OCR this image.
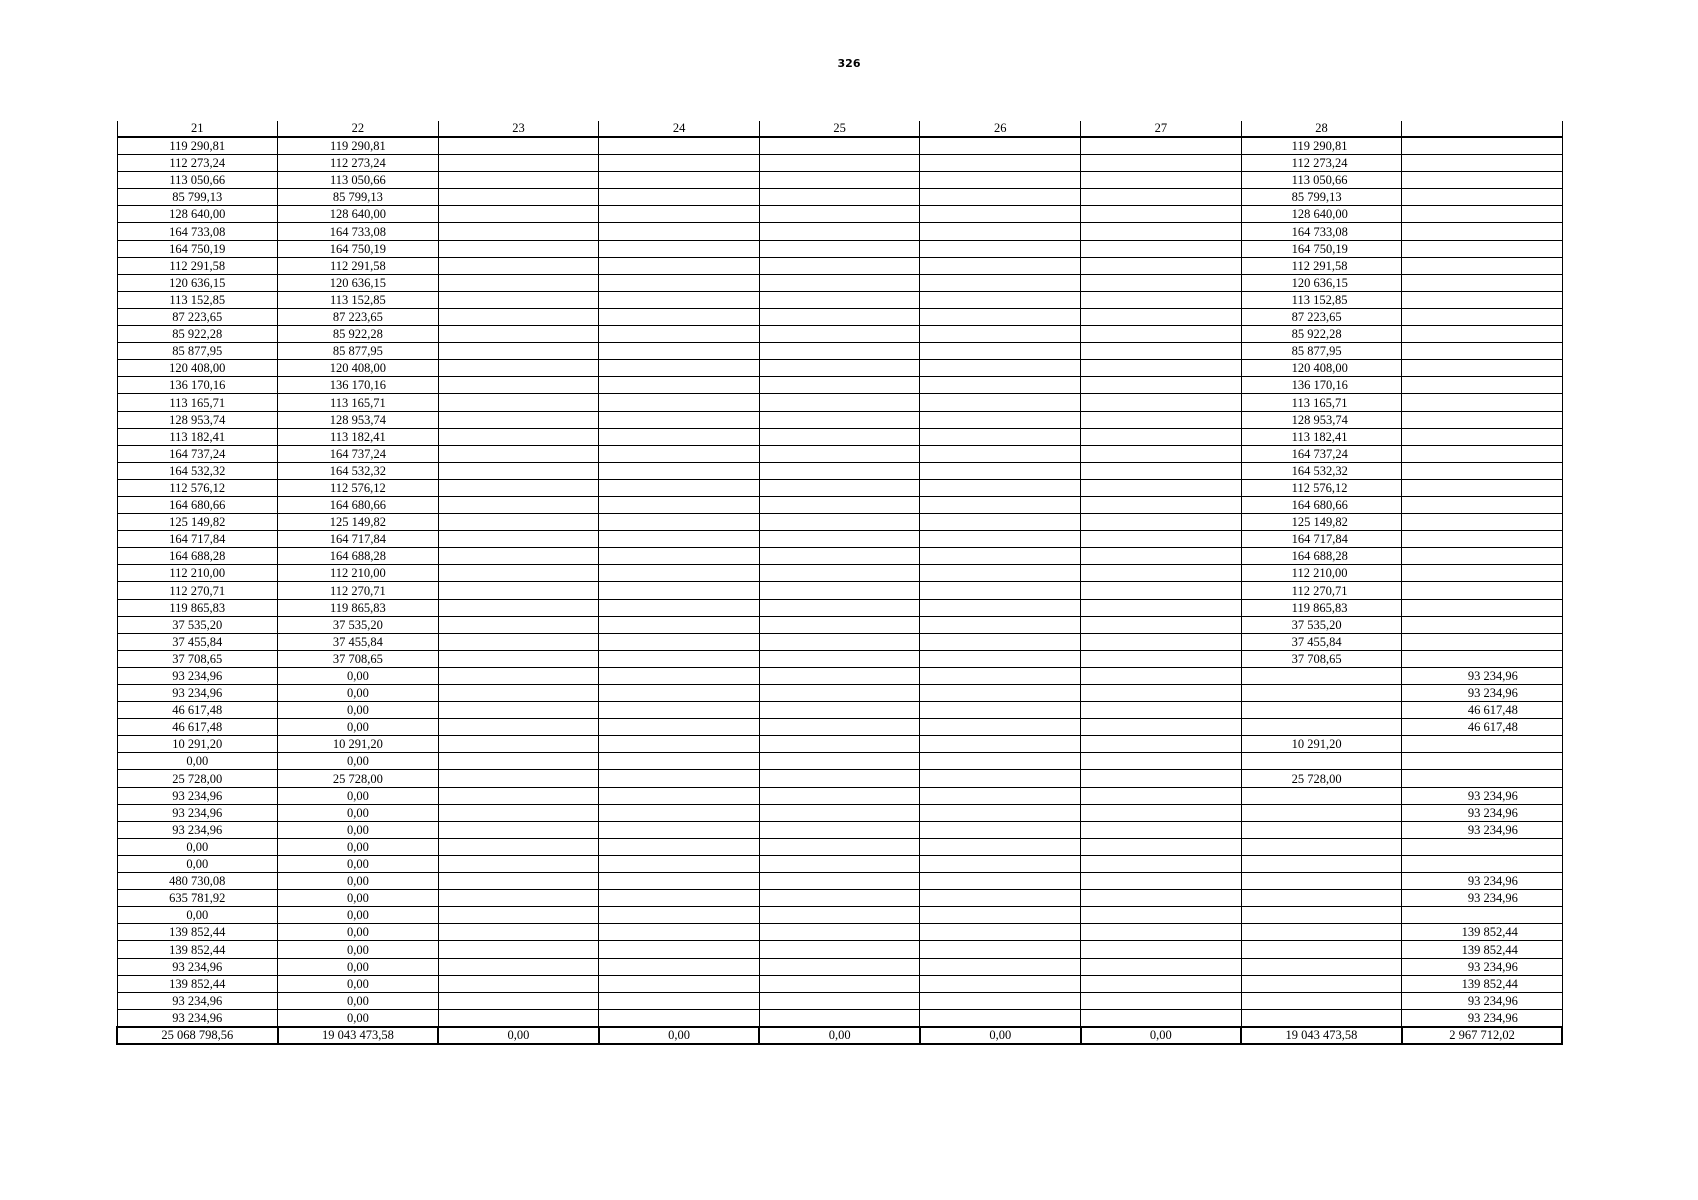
326
21	22	23	24	25	26	27	28	
119 290,81	119 290,81						119 290,81	
112 273,24	112 273,24						112 273,24	
113 050,66	113 050,66						113 050,66	
85 799,13	85 799,13						85 799,13	
128 640,00	128 640,00						128 640,00	
164 733,08	164 733,08						164 733,08	
164 750,19	164 750,19						164 750,19	
112 291,58	112 291,58						112 291,58	
120 636,15	120 636,15						120 636,15	
113 152,85	113 152,85						113 152,85	
87 223,65	87 223,65						87 223,65	
85 922,28	85 922,28						85 922,28	
85 877,95	85 877,95						85 877,95	
120 408,00	120 408,00						120 408,00	
136 170,16	136 170,16						136 170,16	
113 165,71	113 165,71						113 165,71	
128 953,74	128 953,74						128 953,74	
113 182,41	113 182,41						113 182,41	
164 737,24	164 737,24						164 737,24	
164 532,32	164 532,32						164 532,32	
112 576,12	112 576,12						112 576,12	
164 680,66	164 680,66						164 680,66	
125 149,82	125 149,82						125 149,82	
164 717,84	164 717,84						164 717,84	
164 688,28	164 688,28						164 688,28	
112 210,00	112 210,00						112 210,00	
112 270,71	112 270,71						112 270,71	
119 865,83	119 865,83						119 865,83	
37 535,20	37 535,20						37 535,20	
37 455,84	37 455,84						37 455,84	
37 708,65	37 708,65						37 708,65	
93 234,96	0,00							93 234,96
93 234,96	0,00							93 234,96
46 617,48	0,00							46 617,48
46 617,48	0,00							46 617,48
10 291,20	10 291,20						10 291,20	
0,00	0,00							
25 728,00	25 728,00						25 728,00	
93 234,96	0,00							93 234,96
93 234,96	0,00							93 234,96
93 234,96	0,00							93 234,96
0,00	0,00							
0,00	0,00							
480 730,08	0,00							93 234,96
635 781,92	0,00							93 234,96
0,00	0,00							
139 852,44	0,00							139 852,44
139 852,44	0,00							139 852,44
93 234,96	0,00							93 234,96
139 852,44	0,00							139 852,44
93 234,96	0,00							93 234,96
93 234,96	0,00							93 234,96
25 068 798,56	19 043 473,58	0,00	0,00	0,00	0,00	0,00	19 043 473,58	2 967 712,02
